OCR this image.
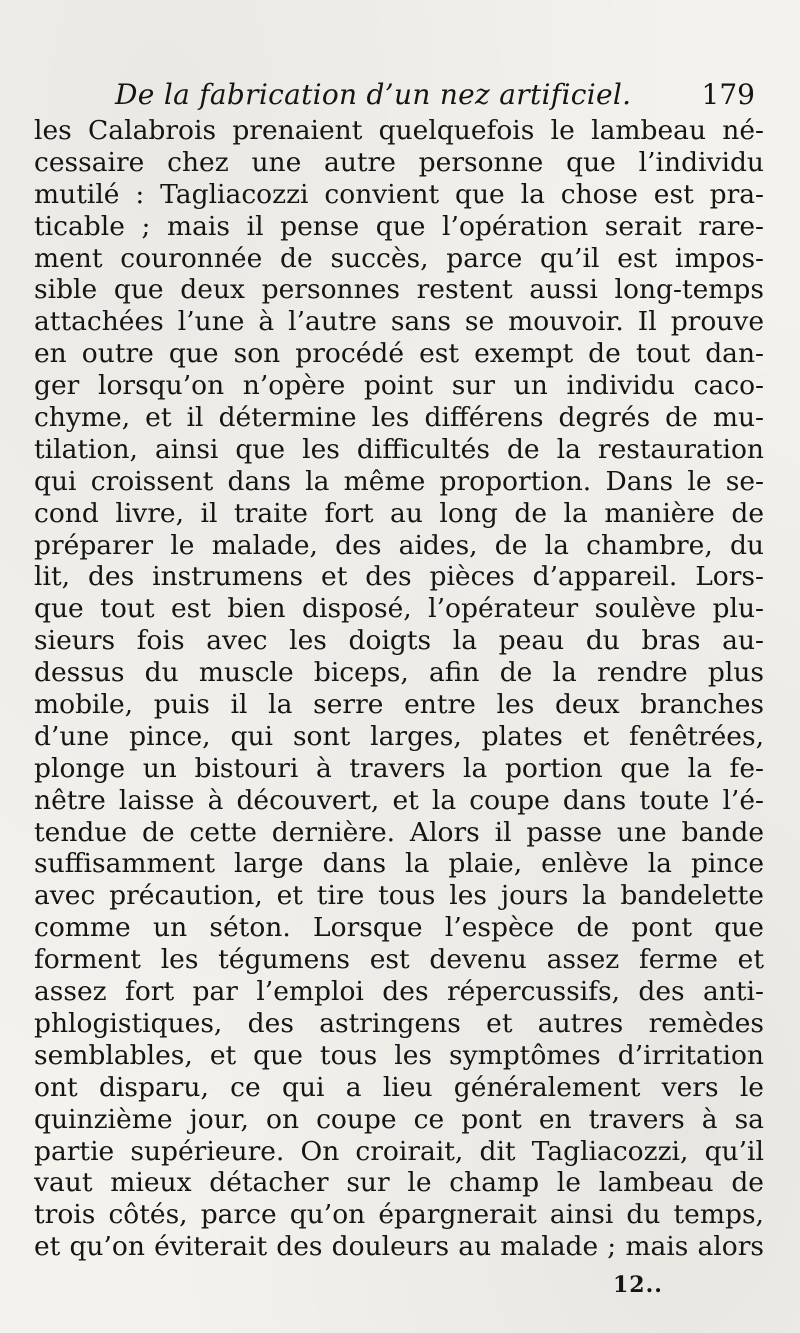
De la fabrication d’un nez artificiel.	179
les Calabrois prenaient quelquefois le lambeau né-
cessaire chez une autre personne que l’individu
mutilé : Tagliacozzi convient que la chose est pra-
ticable ; mais il pense que l’opération serait rare-
ment couronnée de succès, parce qu’il est impos-
sible que deux personnes restent aussi long-temps
attachées l’une à l’autre sans se mouvoir. Il prouve
en outre que son procédé est exempt de tout dan-
ger lorsqu’on n’opère point sur un individu caco-
chyme, et il détermine les différens degrés de mu-
tilation, ainsi que les difficultés de la restauration
qui croissent dans la même proportion. Dans le se-
cond livre, il traite fort au long de la manière de
préparer le malade, des aides, de la chambre, du
lit, des instrumens et des pièces d’appareil. Lors-
que tout est bien disposé, l’opérateur soulève plu-
sieurs fois avec les doigts la peau du bras au-
dessus du muscle biceps, afin de la rendre plus
mobile, puis il la serre entre les deux branches
d’une pince, qui sont larges, plates et fenêtrées,
plonge un bistouri à travers la portion que la fe-
nêtre laisse à découvert, et la coupe dans toute l’é-
tendue de cette dernière. Alors il passe une bande
suffisamment large dans la plaie, enlève la pince
avec précaution, et tire tous les jours la bandelette
comme un séton. Lorsque l’espèce de pont que
forment les tégumens est devenu assez ferme et
assez fort par l’emploi des répercussifs, des anti-
phlogistiques, des astringens et autres remèdes
semblables, et que tous les symptômes d’irritation
ont disparu, ce qui a lieu généralement vers le
quinzième jour, on coupe ce pont en travers à sa
partie supérieure. On croirait, dit Tagliacozzi, qu’il
vaut mieux détacher sur le champ le lambeau de
trois côtés, parce qu’on épargnerait ainsi du temps,
et qu’on éviterait des douleurs au malade ; mais alors
12..
